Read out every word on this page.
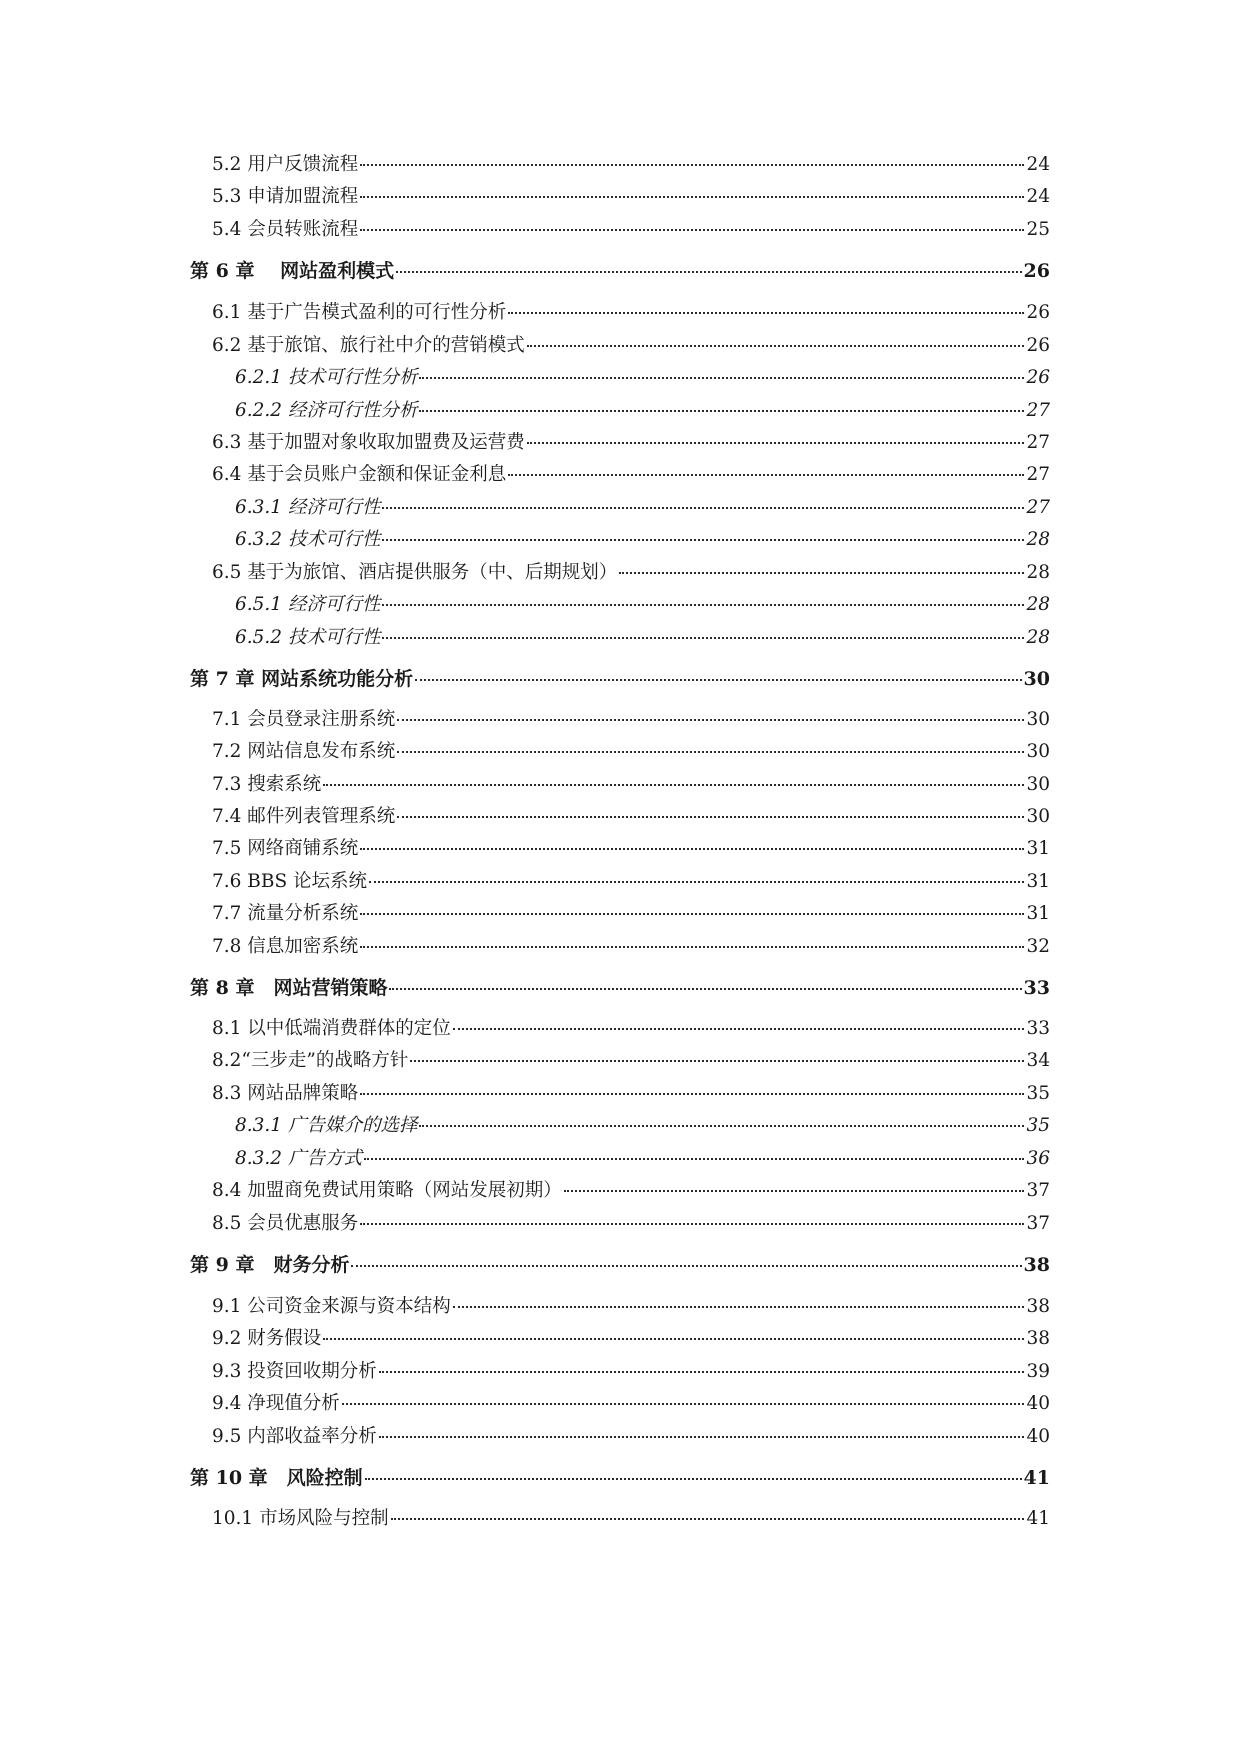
5.2 用户反馈流程	24
5.3 申请加盟流程	24
5.4 会员转账流程	25
第 6 章　 网站盈利模式	26
6.1 基于广告模式盈利的可行性分析	26
6.2 基于旅馆、旅行社中介的营销模式	26
6.2.1 技术可行性分析	26
6.2.2 经济可行性分析	27
6.3 基于加盟对象收取加盟费及运营费	27
6.4 基于会员账户金额和保证金利息	27
6.3.1 经济可行性	27
6.3.2 技术可行性	28
6.5 基于为旅馆、酒店提供服务（中、后期规划）	28
6.5.1 经济可行性	28
6.5.2 技术可行性	28
第 7 章 网站系统功能分析	30
7.1 会员登录注册系统	30
7.2 网站信息发布系统	30
7.3 搜索系统	30
7.4 邮件列表管理系统	30
7.5 网络商铺系统	31
7.6 BBS 论坛系统	31
7.7 流量分析系统	31
7.8 信息加密系统	32
第 8 章　网站营销策略	33
8.1 以中低端消费群体的定位	33
8.2“三步走”的战略方针	34
8.3 网站品牌策略	35
8.3.1 广告媒介的选择	35
8.3.2 广告方式	36
8.4 加盟商免费试用策略（网站发展初期）	37
8.5 会员优惠服务	37
第 9 章　财务分析	38
9.1 公司资金来源与资本结构	38
9.2 财务假设	38
9.3 投资回收期分析	39
9.4 净现值分析	40
9.5 内部收益率分析	40
第 10 章　风险控制	41
10.1 市场风险与控制	41
